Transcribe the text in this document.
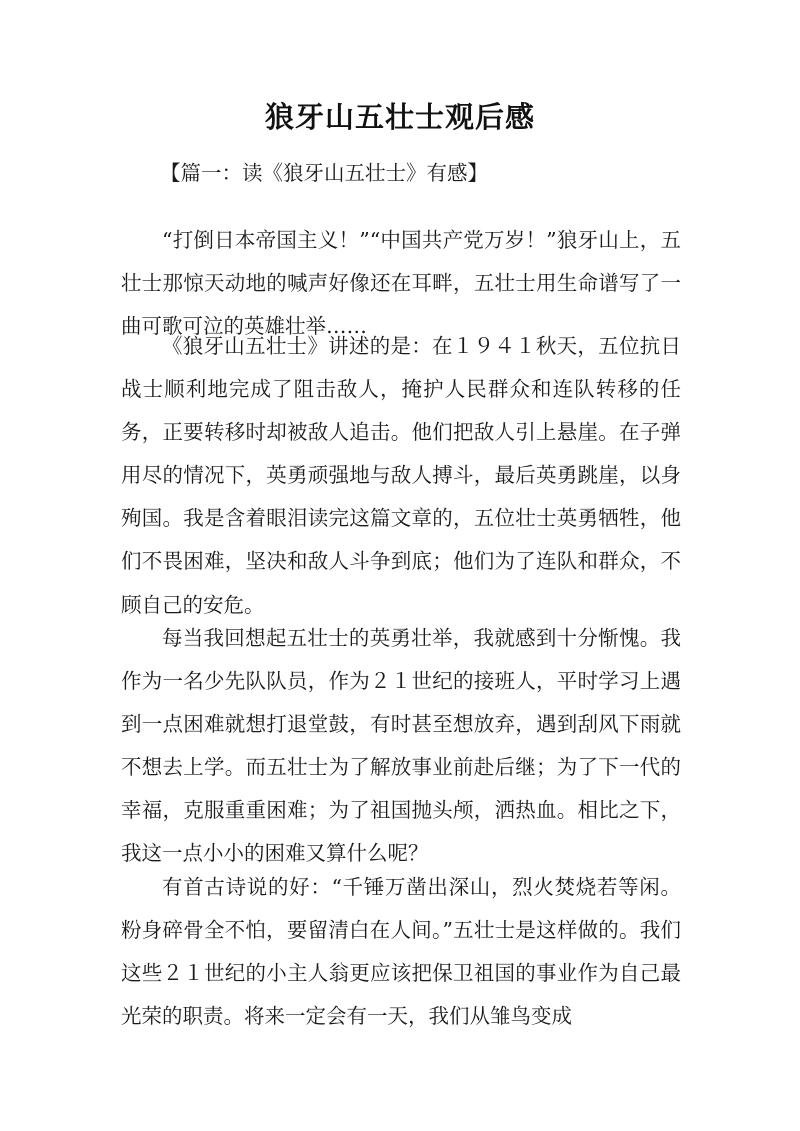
狼牙山五壮士观后感
【篇一：读《狼牙山五壮士》有感】

“打倒日本帝国主义！”“中国共产党万岁！”狼牙山上，五壮士那惊天动地的喊声好像还在耳畔，五壮士用生命谱写了一曲可歌可泣的英雄壮举……

《狼牙山五壮士》讲述的是：在１９４１秋天，五位抗日战士顺利地完成了阻击敌人，掩护人民群众和连队转移的任务，正要转移时却被敌人追击。他们把敌人引上悬崖。在子弹用尽的情况下，英勇顽强地与敌人搏斗，最后英勇跳崖，以身殉国。我是含着眼泪读完这篇文章的，五位壮士英勇牺牲，他们不畏困难，坚决和敌人斗争到底；他们为了连队和群众，不顾自己的安危。

每当我回想起五壮士的英勇壮举，我就感到十分惭愧。我作为一名少先队队员，作为２１世纪的接班人，平时学习上遇到一点困难就想打退堂鼓，有时甚至想放弃，遇到刮风下雨就不想去上学。而五壮士为了解放事业前赴后继；为了下一代的幸福，克服重重困难；为了祖国抛头颅，洒热血。相比之下，我这一点小小的困难又算什么呢？

有首古诗说的好：“千锤万凿出深山，烈火焚烧若等闲。粉身碎骨全不怕，要留清白在人间。”五壮士是这样做的。我们这些２１世纪的小主人翁更应该把保卫祖国的事业作为自己最光荣的职责。将来一定会有一天，我们从雏鸟变成
